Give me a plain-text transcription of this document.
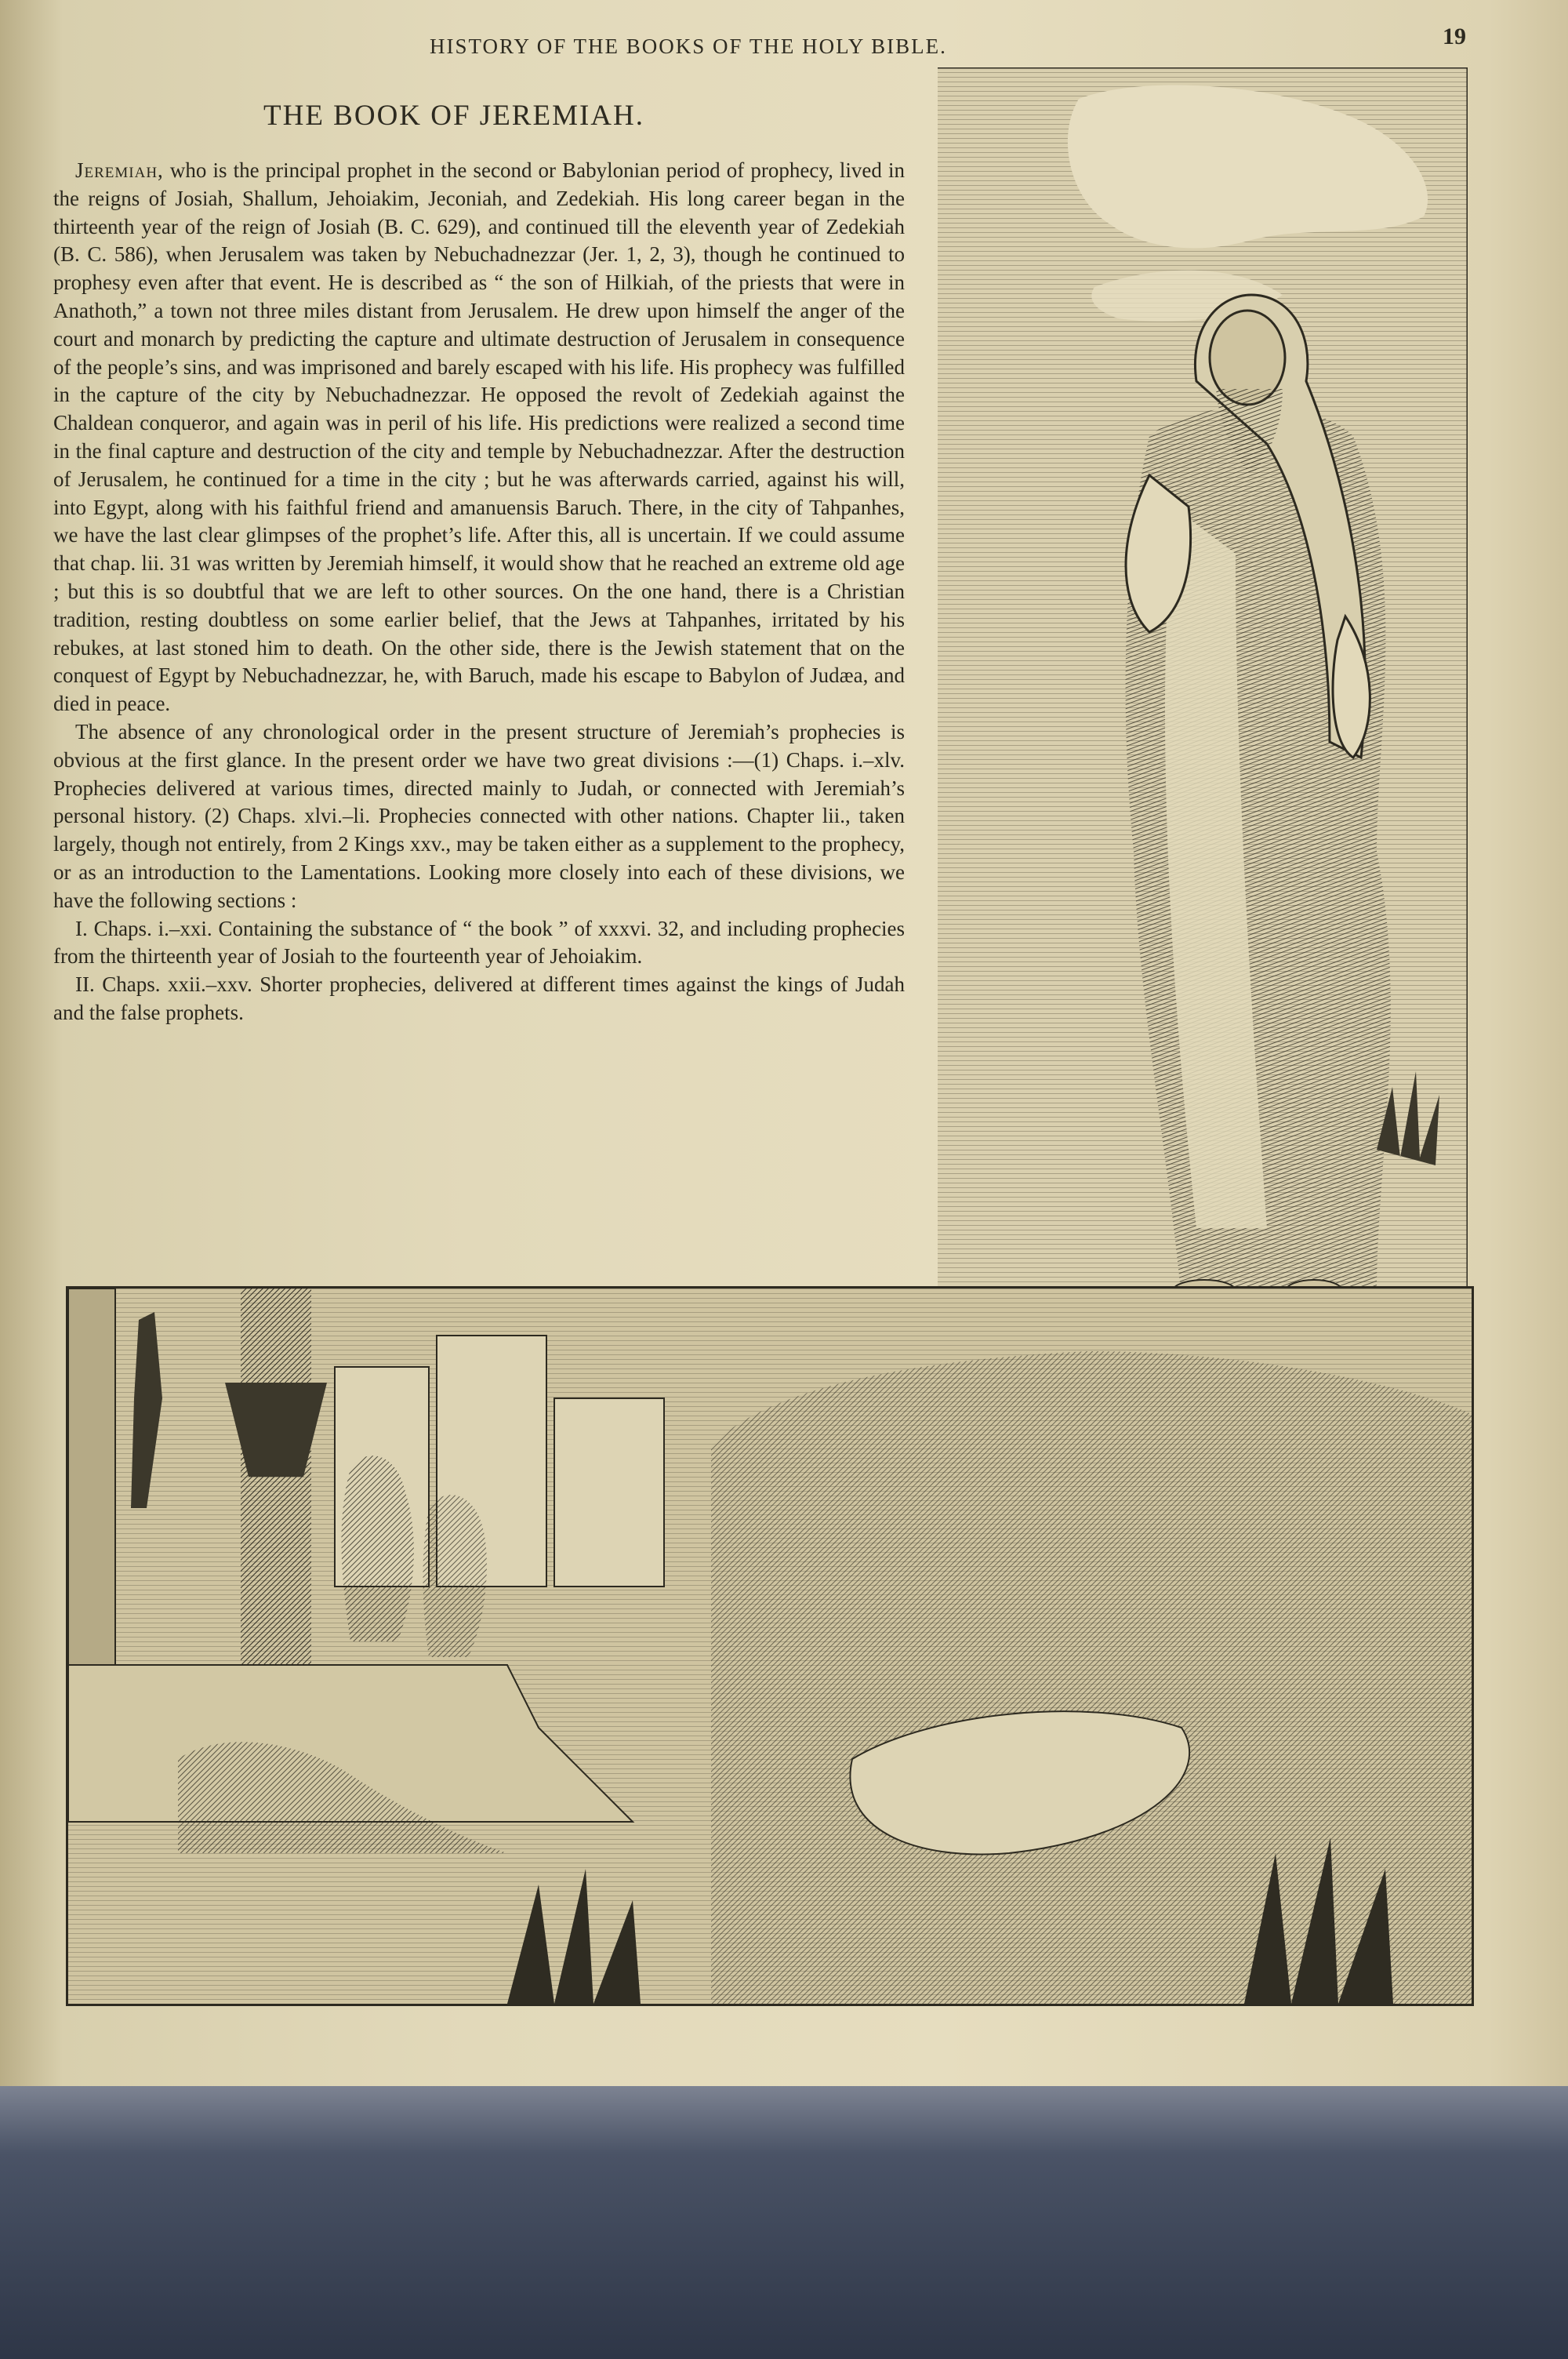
HISTORY OF THE BOOKS OF THE HOLY BIBLE.	19
THE BOOK OF JEREMIAH.

Jeremiah, who is the principal prophet in the second or Babylonian period of prophecy, lived in the reigns of Josiah, Shallum, Jehoiakim, Jeconiah, and Zedekiah. His long career began in the thirteenth year of the reign of Josiah (B. C. 629), and continued till the eleventh year of Zedekiah (B. C. 586), when Jerusalem was taken by Nebuchadnezzar (Jer. 1, 2, 3), though he continued to prophesy even after that event. He is described as “ the son of Hilkiah, of the priests that were in Anathoth,” a town not three miles distant from Jerusalem. He drew upon himself the anger of the court and monarch by predicting the capture and ultimate destruction of Jerusalem in consequence of the people’s sins, and was imprisoned and barely escaped with his life. His prophecy was fulfilled in the capture of the city by Nebuchadnezzar. He opposed the revolt of Zedekiah against the Chaldean conqueror, and again was in peril of his life. His predictions were realized a second time in the final capture and destruction of the city and temple by Nebuchadnezzar. After the destruction of Jerusalem, he continued for a time in the city ; but he was afterwards carried, against his will, into Egypt, along with his faithful friend and amanuensis Baruch. There, in the city of Tahpanhes, we have the last clear glimpses of the prophet’s life. After this, all is uncertain. If we could assume that chap. lii. 31 was written by Jeremiah himself, it would show that he reached an extreme old age ; but this is so doubtful that we are left to other sources. On the one hand, there is a Christian tradition, resting doubtless on some earlier belief, that the Jews at Tahpanhes, irritated by his rebukes, at last stoned him to death. On the other side, there is the Jewish statement that on the conquest of Egypt by Nebuchadnezzar, he, with Baruch, made his escape to Babylon of Judæa, and died in peace.

The absence of any chronological order in the present structure of Jeremiah’s prophecies is obvious at the first glance. In the present order we have two great divisions :—(1) Chaps. i.–xlv. Prophecies delivered at various times, directed mainly to Judah, or connected with Jeremiah’s personal history. (2) Chaps. xlvi.–li. Prophecies connected with other nations. Chapter lii., taken largely, though not entirely, from 2 Kings xxv., may be taken either as a supplement to the prophecy, or as an introduction to the Lamentations. Looking more closely into each of these divisions, we have the following sections :

I. Chaps. i.–xxi. Containing the substance of “ the book ” of xxxvi. 32, and including prophecies from the thirteenth year of Josiah to the fourteenth year of Jehoiakim.

II. Chaps. xxii.–xxv. Shorter prophecies, delivered at different times against the kings of Judah and the false prophets.
